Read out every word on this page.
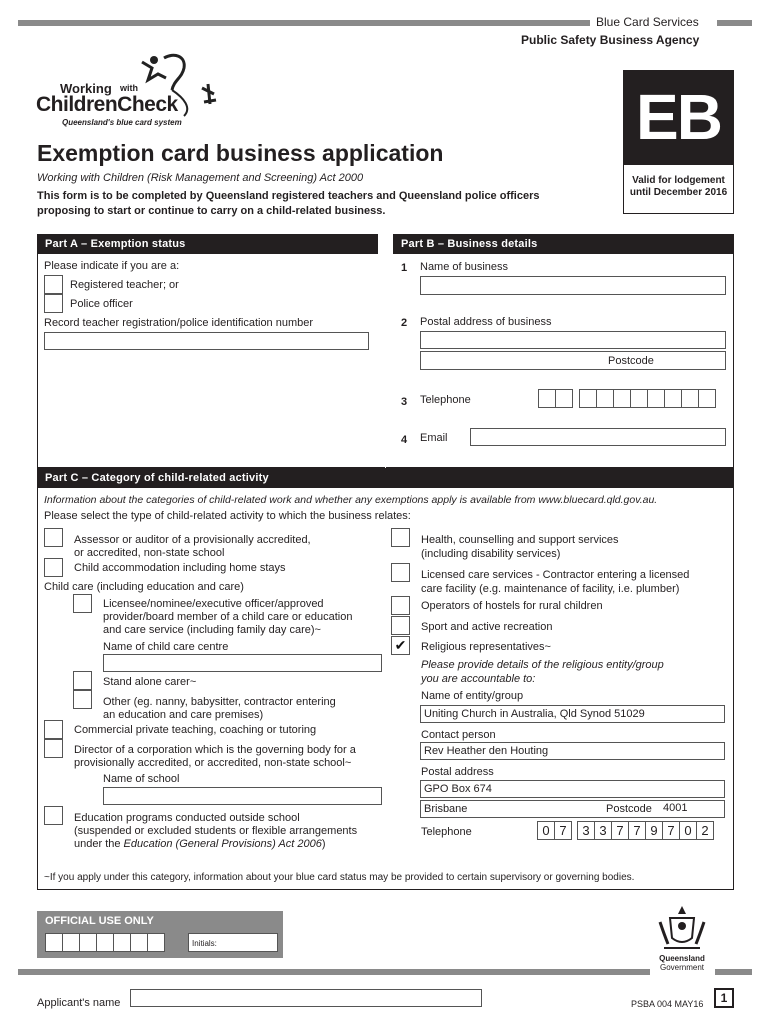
Blue Card Services
Public Safety Business Agency
Working with
ChildrenCheck
Queensland's blue card system	EB
Valid for lodgement
until December 2016
Exemption card business application
Working with Children (Risk Management and Screening) Act 2000
This form is to be completed by Queensland registered teachers and Queensland police officers
proposing to start or continue to carry on a child-related business.
Part A – Exemption status	Part B – Business details
Please indicate if you are a:
Registered teacher; or
Police officer
Record teacher registration/police identification number
1 Name of business
2 Postal address of business
Postcode
3 Telephone
4 Email
Part C – Category of child-related activity
Information about the categories of child-related work and whether any exemptions apply is available from www.bluecard.qld.gov.au.
Please select the type of child-related activity to which the business relates:
Assessor or auditor of a provisionally accredited,
or accredited, non-state school
Child accommodation including home stays
Child care (including education and care)
Licensee/nominee/executive officer/approved
provider/board member of a child care or education
and care service (including family day care)~
Name of child care centre
Stand alone carer~
Other (eg. nanny, babysitter, contractor entering
an education and care premises)
Commercial private teaching, coaching or tutoring
Director of a corporation which is the governing body for a
provisionally accredited, or accredited, non-state school~
Name of school
Education programs conducted outside school
(suspended or excluded students or flexible arrangements
under the Education (General Provisions) Act 2006)
Health, counselling and support services
(including disability services)
Licensed care services - Contractor entering a licensed
care facility (e.g. maintenance of facility, i.e. plumber)
Operators of hostels for rural children
Sport and active recreation
✔	Religious representatives~
Please provide details of the religious entity/group
you are accountable to:
Name of entity/group
Uniting Church in Australia, Qld Synod 51029
Contact person
Rev Heather den Houting
Postal address
GPO Box 674
Brisbane	Postcode 4001
Telephone	0 7	3 3 7 7 9 7 0 2
~If you apply under this category, information about your blue card status may be provided to certain supervisory or governing bodies.
OFFICIAL USE ONLY
Initials:
Queensland
Government
Applicant's name	PSBA 004 MAY16	1
